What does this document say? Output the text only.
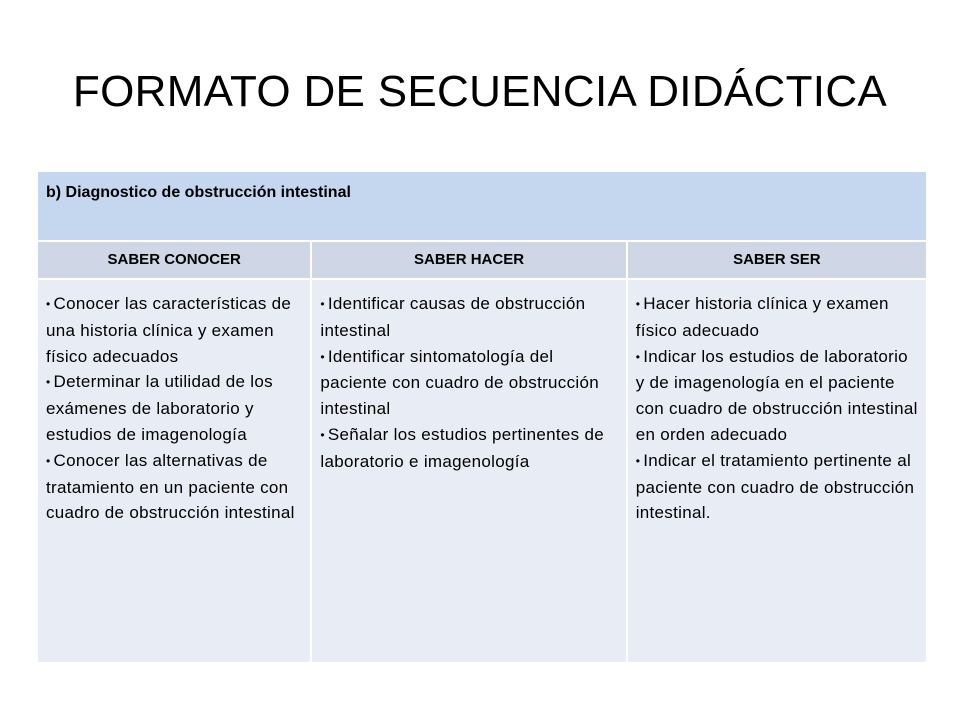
FORMATO DE SECUENCIA DIDÁCTICA
b) Diagnostico de obstrucción intestinal
SABER CONOCER	SABER HACER	SABER SER
• Conocer las características de una historia clínica y examen físico adecuados
• Determinar la utilidad de los exámenes de laboratorio y estudios de imagenología
• Conocer las alternativas de tratamiento en un paciente con cuadro de obstrucción intestinal
• Identificar causas de obstrucción intestinal
• Identificar sintomatología del paciente con cuadro de obstrucción intestinal
• Señalar los estudios pertinentes de laboratorio e imagenología
• Hacer historia clínica y examen físico adecuado
• Indicar los estudios de laboratorio y de imagenología en el paciente con cuadro de obstrucción intestinal en orden adecuado
• Indicar el tratamiento pertinente al paciente con cuadro de obstrucción intestinal.
